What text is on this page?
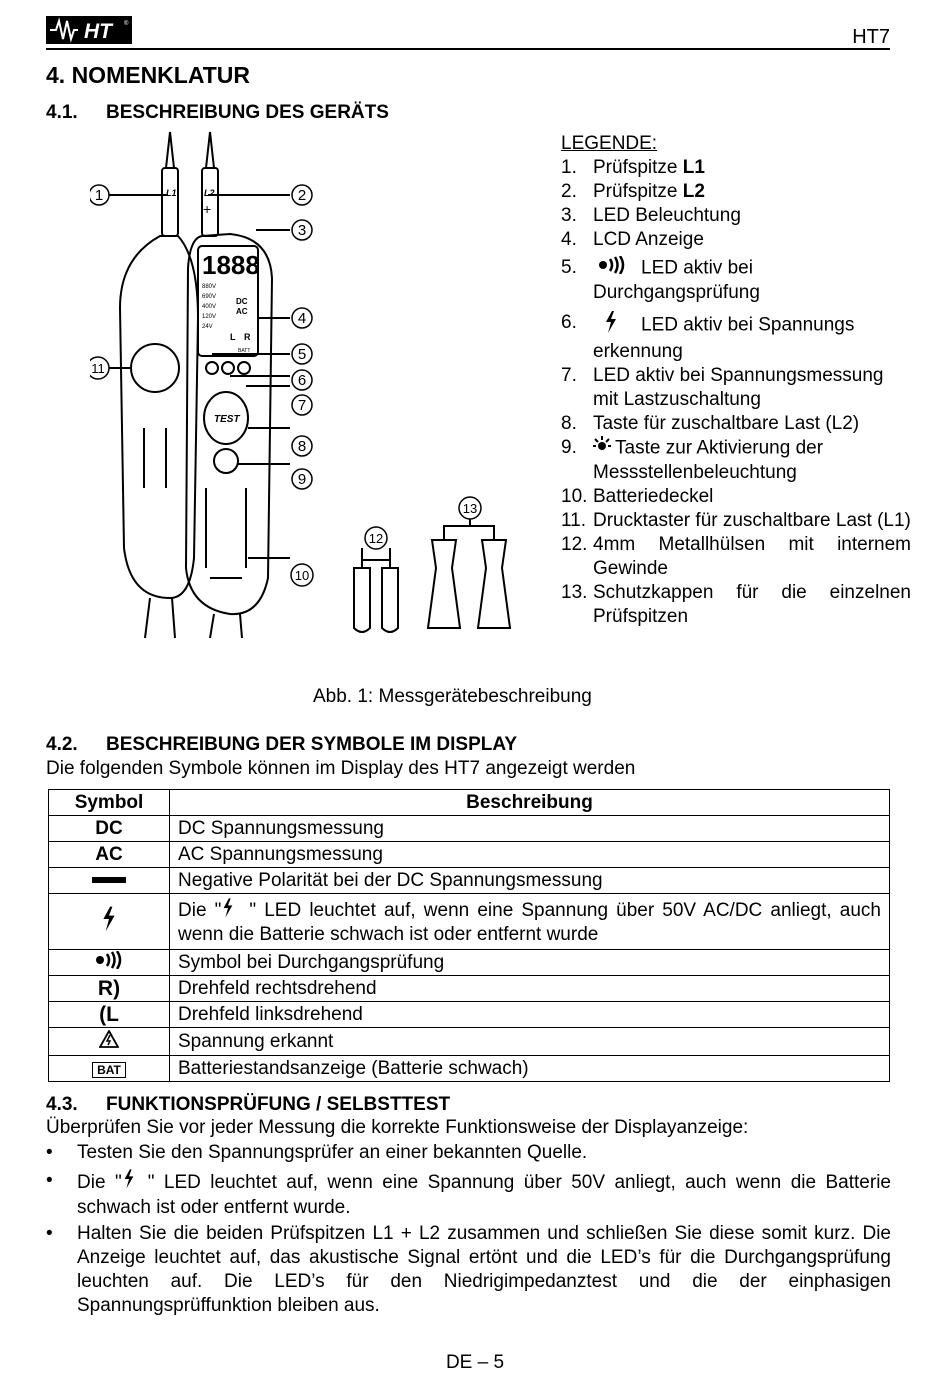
HT	®
HT7
4. NOMENKLATUR
4.1. BESCHREIBUNG DES GERÄTS
1888
880V
690V
400V
120V
24V
DC
AC
L R
BATT
TEST
L1	L2
+
1	2
3
4
5
6
7
8
9
10
11
12
13
LEGENDE:
1. Prüfspitze L1
2. Prüfspitze L2
3. LED Beleuchtung
4. LCD Anzeige
5.	LED aktiv bei Durchgangsprüfung
6.	LED aktiv bei Spannungs erkennung
7. LED aktiv bei Spannungsmessung mit Lastzuschaltung
8. Taste für zuschaltbare Last (L2)
9.	Taste zur Aktivierung der Messstellenbeleuchtung
10. Batteriedeckel
11. Drucktaster für zuschaltbare Last (L1)
12. 4mm Metallhülsen mit internem Gewinde
13. Schutzkappen für die einzelnen Prüfspitzen
Abb. 1: Messgerätebeschreibung
4.2. BESCHREIBUNG DER SYMBOLE IM DISPLAY
Die folgenden Symbole können im Display des HT7 angezeigt werden
Symbol	Beschreibung
DC	DC Spannungsmessung
AC	AC Spannungsmessung
	Negative Polarität bei der DC Spannungsmessung
	Die " " LED leuchtet auf, wenn eine Spannung über 50V AC/DC anliegt, auch wenn die Batterie schwach ist oder entfernt wurde
	Symbol bei Durchgangsprüfung
R)	Drehfeld rechtsdrehend
(L	Drehfeld linksdrehend
	Spannung erkannt
BAT	Batteriestandsanzeige (Batterie schwach)
4.3. FUNKTIONSPRÜFUNG / SELBSTTEST
Überprüfen Sie vor jeder Messung die korrekte Funktionsweise der Displayanzeige:
• Testen Sie den Spannungsprüfer an einer bekannten Quelle.
• Die " " LED leuchtet auf, wenn eine Spannung über 50V anliegt, auch wenn die Batterie schwach ist oder entfernt wurde.
• Halten Sie die beiden Prüfspitzen L1 + L2 zusammen und schließen Sie diese somit kurz. Die Anzeige leuchtet auf, das akustische Signal ertönt und die LED’s für die Durchgangsprüfung leuchten auf. Die LED’s für den Niedrigimpedanztest und die der einphasigen Spannungsprüffunktion bleiben aus.
DE – 5
